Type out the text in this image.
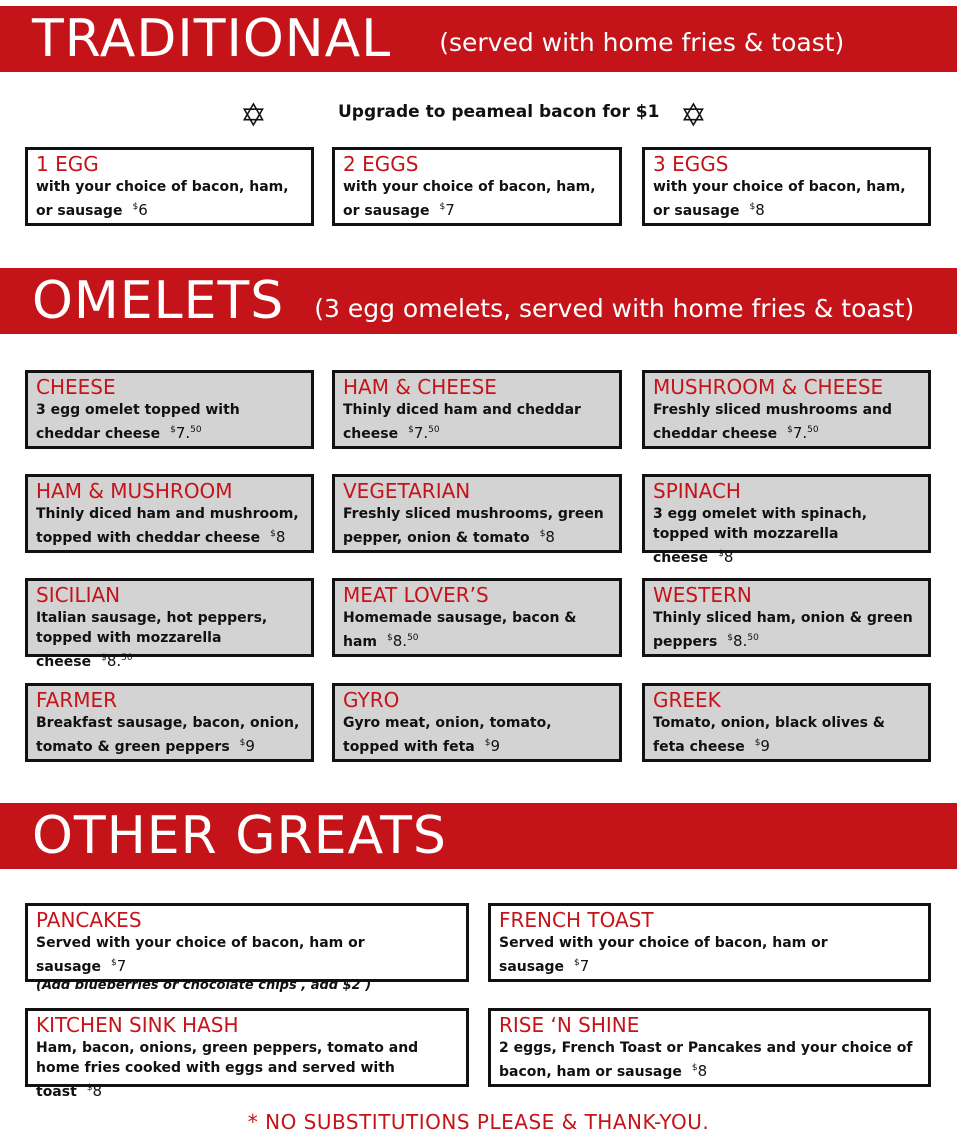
TRADITIONAL (served with home fries & toast)
✡	Upgrade to peameal bacon for $1 ✡
1 EGG
with your choice of bacon, ham, or sausage $6
2 EGGS
with your choice of bacon, ham, or sausage $7
3 EGGS
with your choice of bacon, ham, or sausage $8
OMELETS (3 egg omelets, served with home fries & toast)
CHEESE
3 egg omelet topped with cheddar cheese $7.50
HAM & CHEESE
Thinly diced ham and cheddar cheese $7.50
MUSHROOM & CHEESE
Freshly sliced mushrooms and cheddar cheese $7.50
HAM & MUSHROOM
Thinly diced ham and mushroom, topped with cheddar cheese $8
VEGETARIAN
Freshly sliced mushrooms, green pepper, onion & tomato $8
SPINACH
3 egg omelet with spinach, topped with mozzarella cheese $8
SICILIAN
Italian sausage, hot peppers, topped with mozzarella cheese $8.50
MEAT LOVER’S
Homemade sausage, bacon & ham $8.50
WESTERN
Thinly sliced ham, onion & green peppers $8.50
FARMER
Breakfast sausage, bacon, onion, tomato & green peppers $9
GYRO
Gyro meat, onion, tomato, topped with feta $9
GREEK
Tomato, onion, black olives & feta cheese $9
OTHER GREATS
PANCAKES
Served with your choice of bacon, ham or sausage $7
(Add blueberries or chocolate chips , add $2 )
FRENCH TOAST
Served with your choice of bacon, ham or sausage $7
KITCHEN SINK HASH
Ham, bacon, onions, green peppers, tomato and home fries cooked with eggs and served with toast $8
RISE ‘N SHINE
2 eggs, French Toast or Pancakes and your choice of bacon, ham or sausage $8
* NO SUBSTITUTIONS PLEASE & THANK-YOU.
